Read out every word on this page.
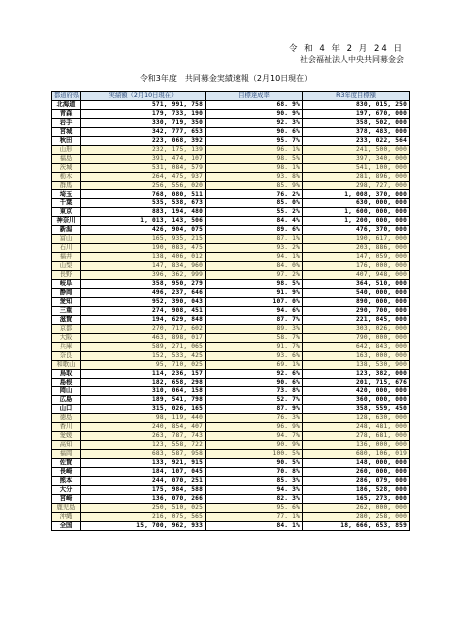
令 和 4 年 2 月 24 日
社会福祉法人中央共同募金会
令和3年度　共同募金実績速報（2月10日現在）
都道府県	実績額（2月10日現在）	目標達成率	R3年度目標額
北海道	571, 991, 758	68. 9%	830, 015, 250
青森	179, 733, 190	90. 9%	197, 670, 000
岩手	330, 719, 350	92. 3%	358, 502, 000
宮城	342, 777, 653	90. 6%	378, 483, 000
秋田	223, 068, 392	95. 7%	233, 022, 564
山形	232, 175, 139	96. 1%	241, 500, 000
福島	391, 474, 107	98. 5%	397, 340, 000
茨城	531, 084, 579	98. 1%	541, 100, 000
栃木	264, 475, 937	93. 8%	281, 896, 000
群馬	256, 556, 020	85. 9%	298, 727, 000
埼玉	768, 080, 511	76. 2%	1, 008, 370, 000
千葉	535, 538, 673	85. 0%	630, 000, 000
東京	883, 194, 480	55. 2%	1, 600, 000, 000
神奈川	1, 013, 143, 506	84. 4%	1, 200, 000, 000
新潟	426, 904, 075	89. 6%	476, 370, 000
富山	165, 935, 215	87. 1%	190, 617, 000
石川	190, 083, 475	93. 2%	203, 886, 000
福井	138, 406, 012	94. 1%	147, 059, 000
山梨	147, 834, 960	84. 0%	176, 000, 000
長野	396, 362, 999	97. 2%	407, 948, 000
岐阜	358, 950, 279	98. 5%	364, 510, 000
静岡	496, 237, 646	91. 9%	540, 000, 000
愛知	952, 390, 043	107. 0%	890, 000, 000
三重	274, 908, 451	94. 6%	290, 700, 000
滋賀	194, 629, 848	87. 7%	221, 845, 000
京都	270, 717, 602	89. 3%	303, 026, 000
大阪	463, 898, 017	58. 7%	790, 000, 000
兵庫	589, 271, 065	91. 7%	642, 843, 000
奈良	152, 533, 425	93. 6%	163, 000, 000
和歌山	95, 710, 025	69. 1%	138, 530, 900
鳥取	114, 236, 157	92. 6%	123, 382, 000
島根	182, 658, 298	90. 6%	201, 715, 676
岡山	310, 064, 158	73. 8%	420, 000, 000
広島	189, 541, 798	52. 7%	360, 000, 000
山口	315, 026, 165	87. 9%	358, 559, 450
徳島	98, 119, 440	76. 3%	128, 630, 000
香川	240, 854, 407	96. 9%	248, 481, 000
愛媛	263, 787, 743	94. 7%	278, 681, 000
高知	123, 558, 722	90. 9%	136, 000, 000
福岡	683, 587, 958	100. 5%	680, 106, 019
佐賀	133, 921, 915	90. 5%	148, 000, 000
長崎	184, 107, 045	70. 8%	260, 000, 000
熊本	244, 070, 251	85. 3%	286, 079, 000
大分	175, 984, 588	94. 3%	186, 528, 000
宮崎	136, 070, 266	82. 3%	165, 273, 000
鹿児島	250, 510, 025	95. 6%	262, 000, 000
沖縄	216, 075, 565	77. 1%	280, 258, 000
全国	15, 700, 962, 933	84. 1%	18, 666, 653, 859
